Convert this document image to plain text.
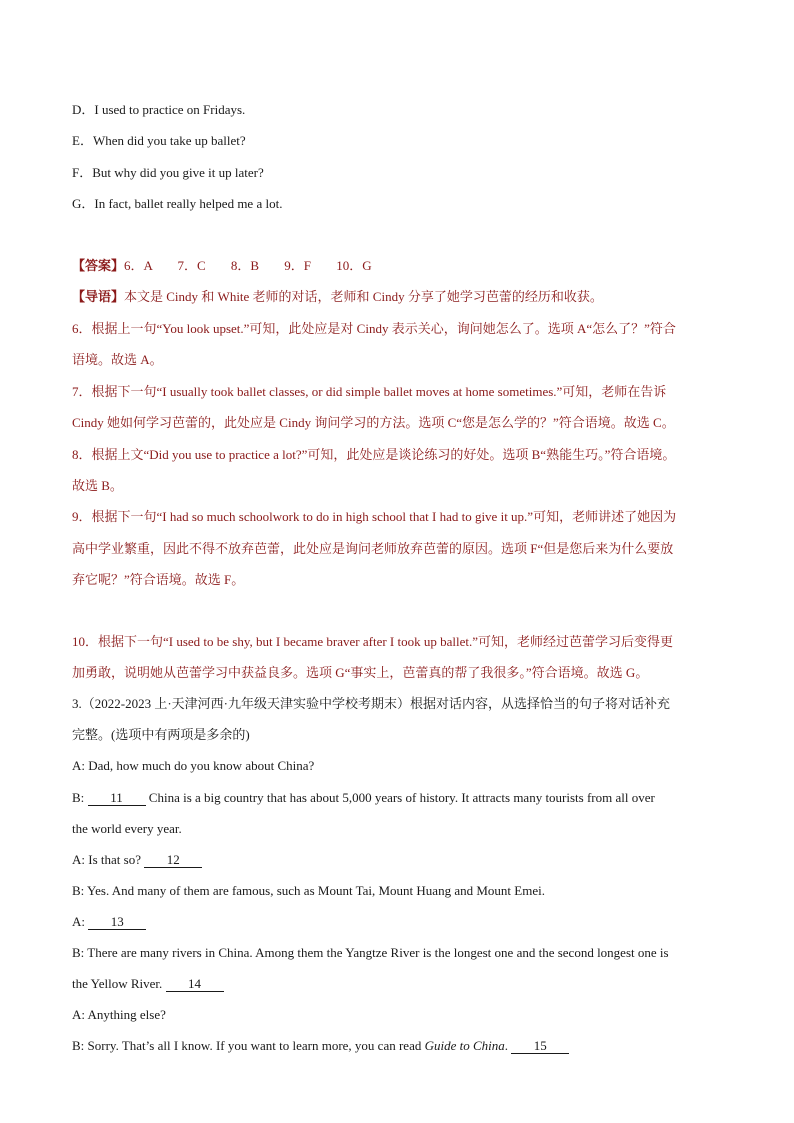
D．I used to practice on Fridays.
E．When did you take up ballet?
F．But why did you give it up later?
G．In fact, ballet really helped me a lot.
【答案】6．A 7．C 8．B 9．F 10．G
【导语】本文是 Cindy 和 White 老师的对话，老师和 Cindy 分享了她学习芭蕾的经历和收获。
6．根据上一句“You look upset.”可知，此处应是对 Cindy 表示关心，询问她怎么了。选项 A“怎么了？”符合
语境。故选 A。
7．根据下一句“I usually took ballet classes, or did simple ballet moves at home sometimes.”可知，老师在告诉
Cindy 她如何学习芭蕾的，此处应是 Cindy 询问学习的方法。选项 C“您是怎么学的？”符合语境。故选 C。
8．根据上文“Did you use to practice a lot?”可知，此处应是谈论练习的好处。选项 B“熟能生巧。”符合语境。
故选 B。
9．根据下一句“I had so much schoolwork to do in high school that I had to give it up.”可知，老师讲述了她因为
高中学业繁重，因此不得不放弃芭蕾，此处应是询问老师放弃芭蕾的原因。选项 F“但是您后来为什么要放
弃它呢？”符合语境。故选 F。
10．根据下一句“I used to be shy, but I became braver after I took up ballet.”可知，老师经过芭蕾学习后变得更
加勇敢，说明她从芭蕾学习中获益良多。选项 G“事实上，芭蕾真的帮了我很多。”符合语境。故选 G。
3.（2022-2023 上·天津河西·九年级天津实验中学校考期末）根据对话内容，从选择恰当的句子将对话补充
完整。(选项中有两项是多余的)
A: Dad, how much do you know about China?
B: 11 China is a big country that has about 5,000 years of history. It attracts many tourists from all over
the world every year.
A: Is that so? 12
B: Yes. And many of them are famous, such as Mount Tai, Mount Huang and Mount Emei.
A: 13
B: There are many rivers in China. Among them the Yangtze River is the longest one and the second longest one is
the Yellow River. 14
A: Anything else?
B: Sorry. That’s all I know. If you want to learn more, you can read Guide to China. 15
